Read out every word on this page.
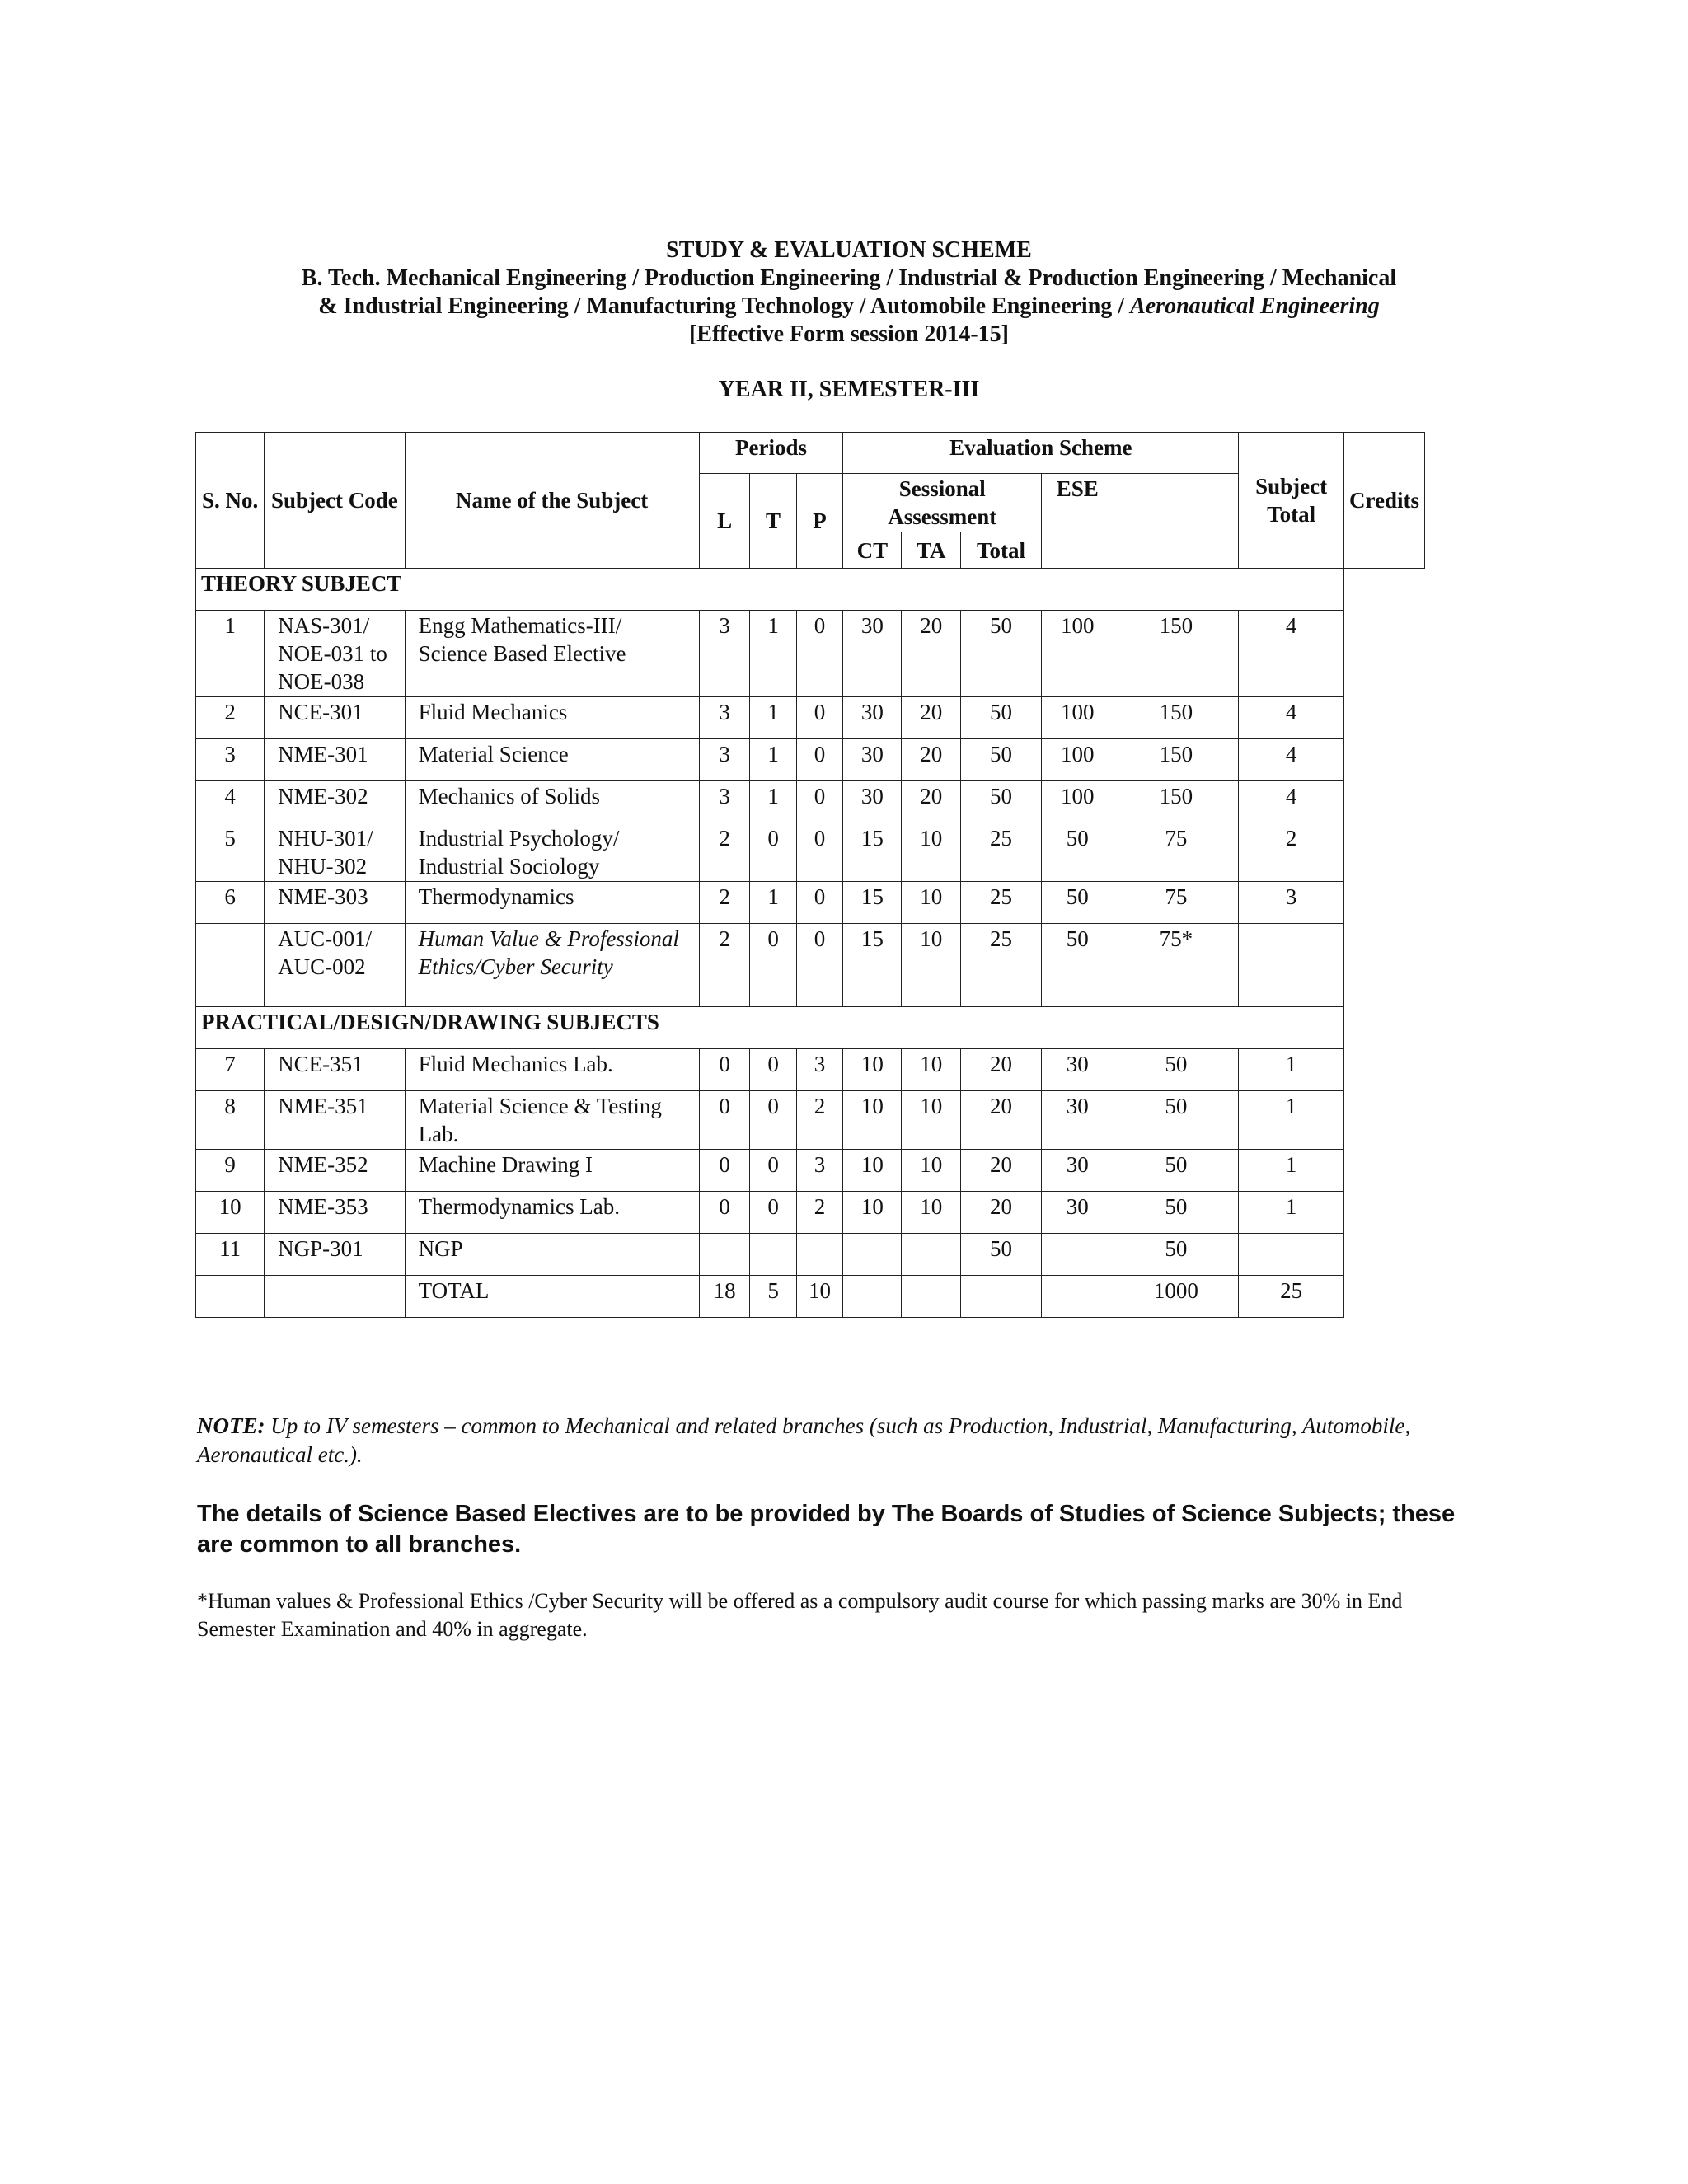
STUDY & EVALUATION SCHEME
B. Tech. Mechanical Engineering / Production Engineering / Industrial & Production Engineering / Mechanical
& Industrial Engineering / Manufacturing Technology / Automobile Engineering / Aeronautical Engineering
[Effective Form session 2014-15]
YEAR II, SEMESTER-III
S. No.	Subject Code	Name of the Subject	Periods			Evaluation Scheme					Subject Total	Credits
			L	T	P	Sessional Assessment			ESE			
						CT	TA	Total				
THEORY SUBJECT												
1	NAS-301/ NOE-031 to NOE-038	Engg Mathematics-III/ Science Based Elective	3	1	0	30	20	50	100	150	4	
2	NCE-301	Fluid Mechanics	3	1	0	30	20	50	100	150	4	
3	NME-301	Material Science	3	1	0	30	20	50	100	150	4	
4	NME-302	Mechanics of Solids	3	1	0	30	20	50	100	150	4	
5	NHU-301/ NHU-302	Industrial Psychology/ Industrial Sociology	2	0	0	15	10	25	50	75	2	
6	NME-303	Thermodynamics	2	1	0	15	10	25	50	75	3	
	AUC-001/ AUC-002	Human Value & Professional Ethics/Cyber Security	2	0	0	15	10	25	50	75*		
PRACTICAL/DESIGN/DRAWING SUBJECTS												
7	NCE-351	Fluid Mechanics Lab.	0	0	3	10	10	20	30	50	1	
8	NME-351	Material Science & Testing Lab.	0	0	2	10	10	20	30	50	1	
9	NME-352	Machine Drawing I	0	0	3	10	10	20	30	50	1	
10	NME-353	Thermodynamics Lab.	0	0	2	10	10	20	30	50	1	
11	NGP-301	NGP						50		50		
		TOTAL	18	5	10					1000	25	
NOTE: Up to IV semesters – common to Mechanical and related branches (such as Production, Industrial, Manufacturing, Automobile, Aeronautical etc.).
The details of Science Based Electives are to be provided by The Boards of Studies of Science Subjects; these are common to all branches.
*Human values & Professional Ethics /Cyber Security will be offered as a compulsory audit course for which passing marks are 30% in End Semester Examination and 40% in aggregate.
